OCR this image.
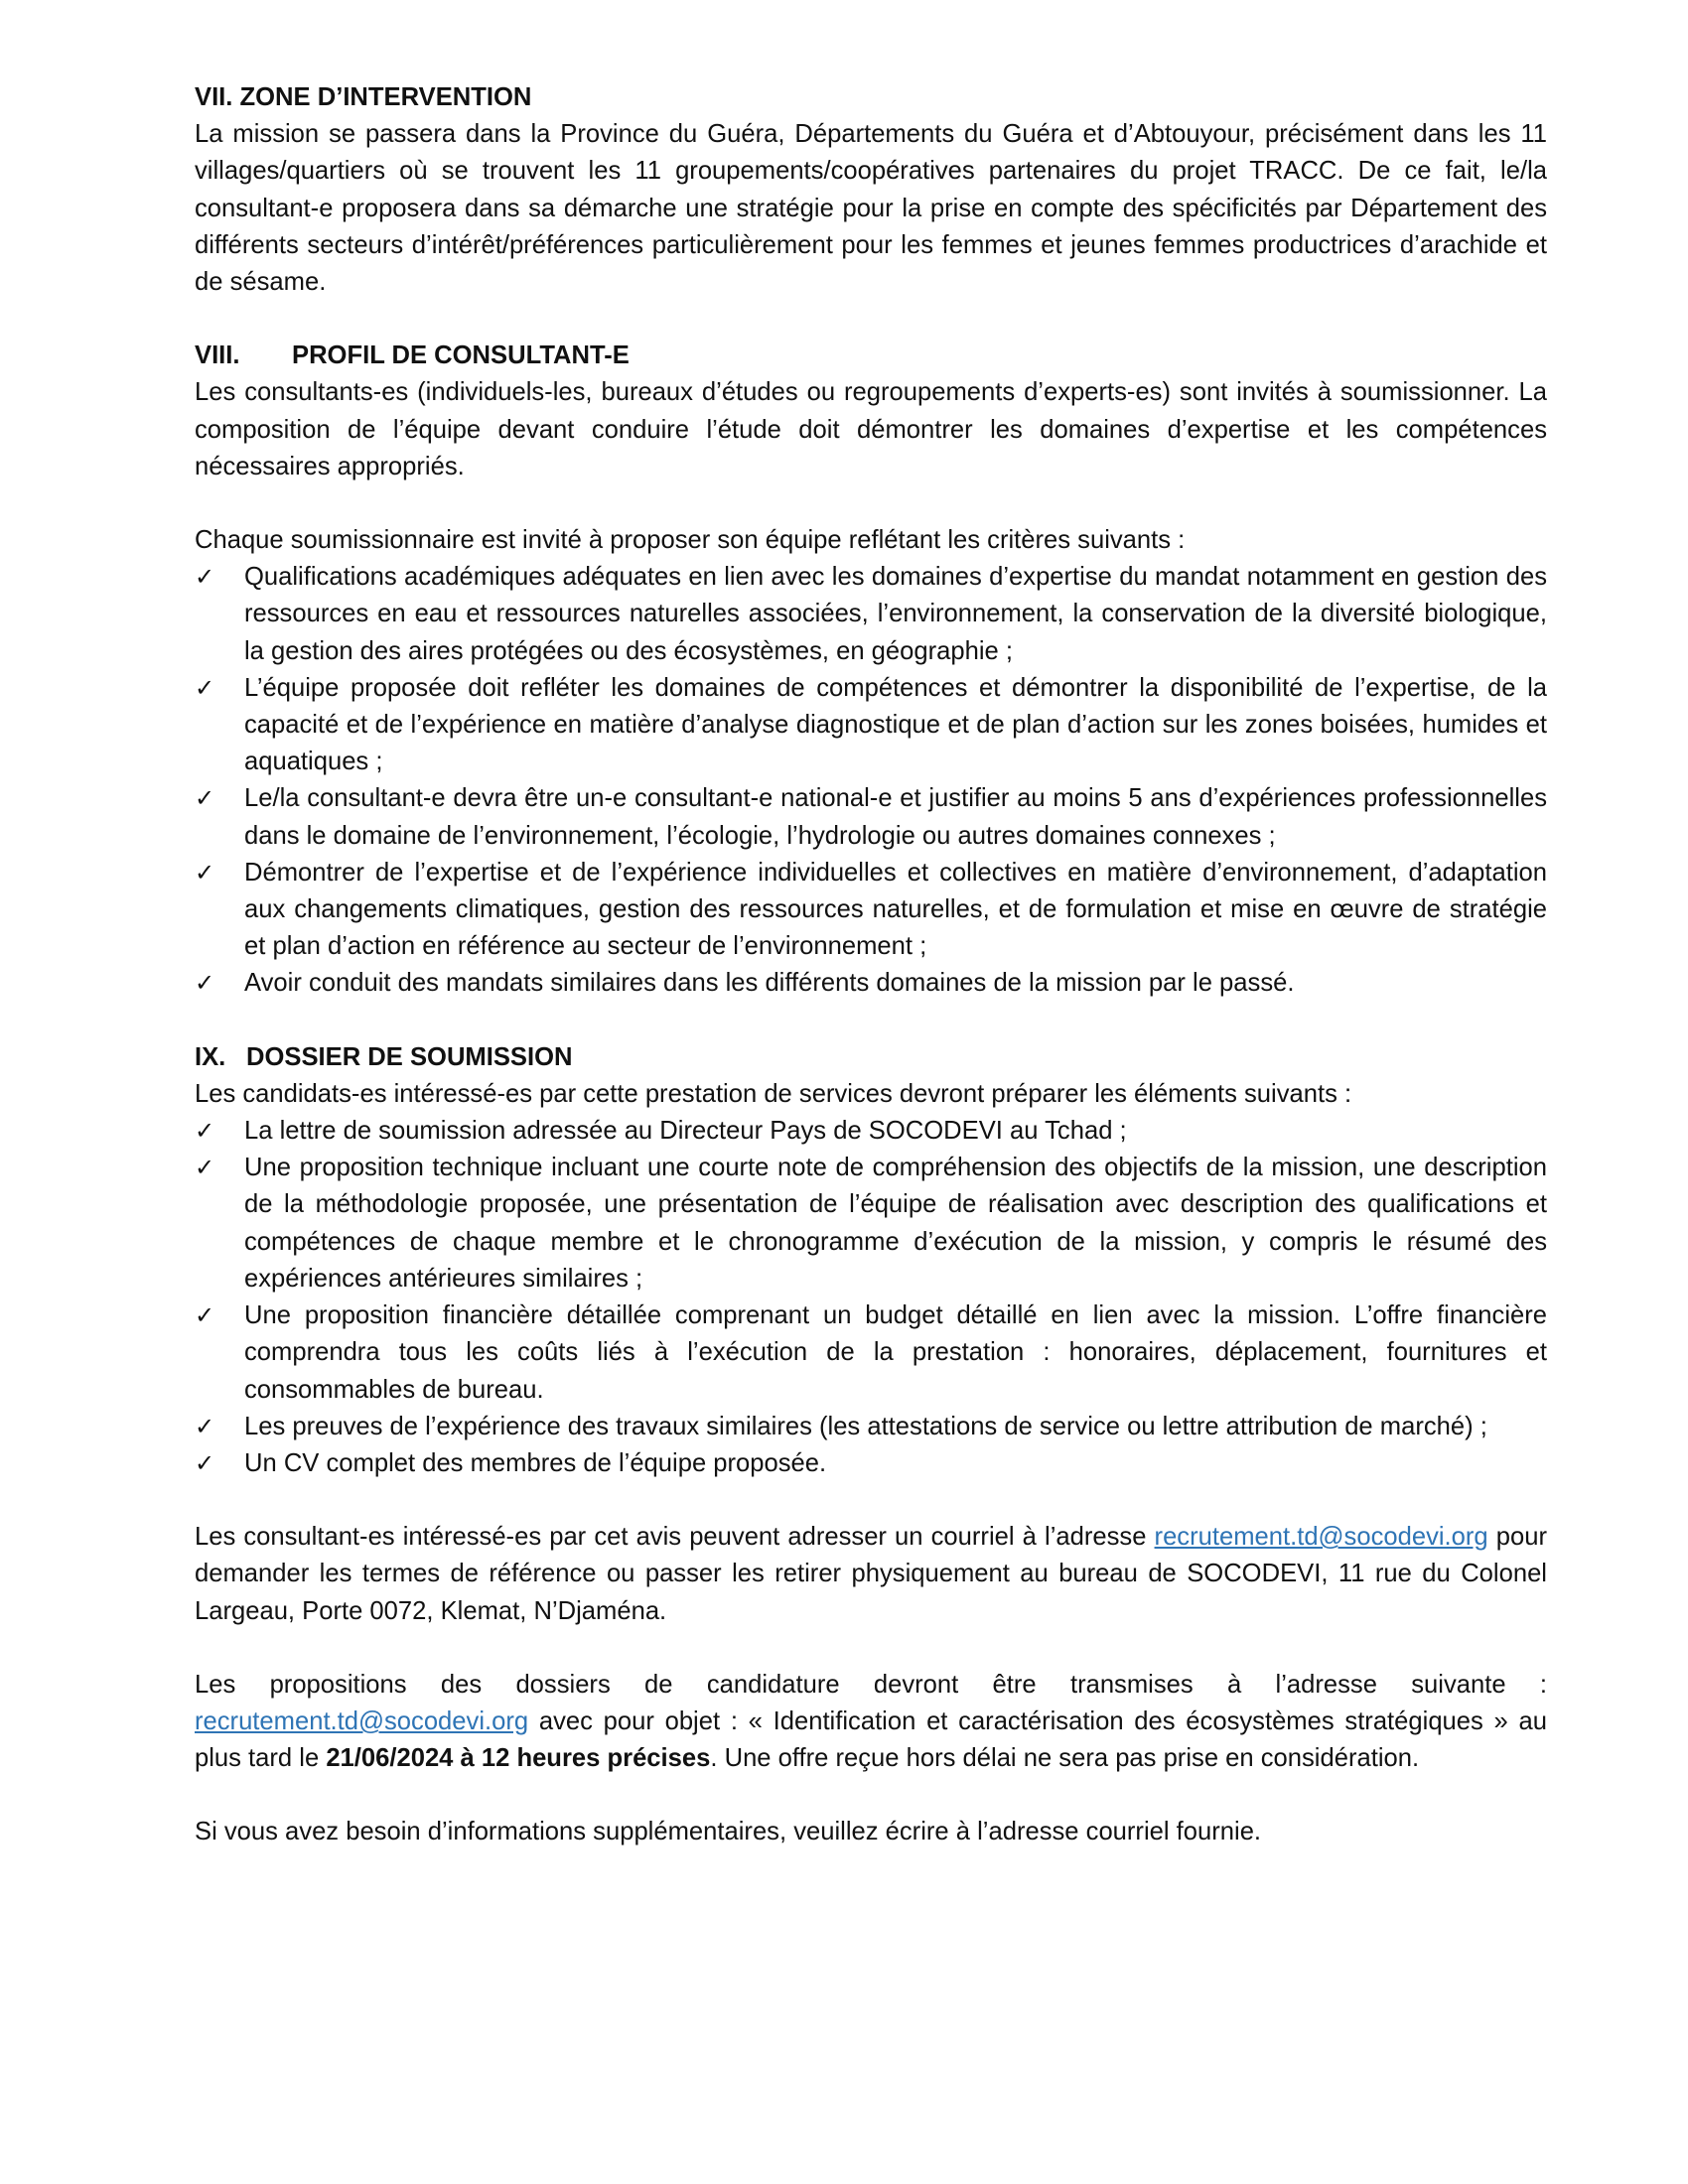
VII. ZONE D’INTERVENTION

La mission se passera dans la Province du Guéra, Départements du Guéra et d’Abtouyour, précisément dans les 11 villages/quartiers où se trouvent les 11 groupements/coopératives partenaires du projet TRACC. De ce fait, le/la consultant-e proposera dans sa démarche une stratégie pour la prise en compte des spécificités par Département des différents secteurs d’intérêt/préférences particulièrement pour les femmes et jeunes femmes productrices d’arachide et de sésame.

VIII. PROFIL DE CONSULTANT-E

Les consultants-es (individuels-les, bureaux d’études ou regroupements d’experts-es) sont invités à soumissionner. La composition de l’équipe devant conduire l’étude doit démontrer les domaines d’expertise et les compétences nécessaires appropriés.

Chaque soumissionnaire est invité à proposer son équipe reflétant les critères suivants :

✓ Qualifications académiques adéquates en lien avec les domaines d’expertise du mandat notamment en gestion des ressources en eau et ressources naturelles associées, l’environnement, la conservation de la diversité biologique, la gestion des aires protégées ou des écosystèmes, en géographie ;
✓ L’équipe proposée doit refléter les domaines de compétences et démontrer la disponibilité de l’expertise, de la capacité et de l’expérience en matière d’analyse diagnostique et de plan d’action sur les zones boisées, humides et aquatiques ;
✓ Le/la consultant-e devra être un-e consultant-e national-e et justifier au moins 5 ans d’expériences professionnelles dans le domaine de l’environnement, l’écologie, l’hydrologie ou autres domaines connexes ;
✓ Démontrer de l’expertise et de l’expérience individuelles et collectives en matière d’environnement, d’adaptation aux changements climatiques, gestion des ressources naturelles, et de formulation et mise en œuvre de stratégie et plan d’action en référence au secteur de l’environnement ;
✓ Avoir conduit des mandats similaires dans les différents domaines de la mission par le passé.

IX. DOSSIER DE SOUMISSION

Les candidats-es intéressé-es par cette prestation de services devront préparer les éléments suivants :

✓ La lettre de soumission adressée au Directeur Pays de SOCODEVI au Tchad ;
✓ Une proposition technique incluant une courte note de compréhension des objectifs de la mission, une description de la méthodologie proposée, une présentation de l’équipe de réalisation avec description des qualifications et compétences de chaque membre et le chronogramme d’exécution de la mission, y compris le résumé des expériences antérieures similaires ;
✓ Une proposition financière détaillée comprenant un budget détaillé en lien avec la mission. L’offre financière comprendra tous les coûts liés à l’exécution de la prestation : honoraires, déplacement, fournitures et consommables de bureau.
✓ Les preuves de l’expérience des travaux similaires (les attestations de service ou lettre attribution de marché) ;
✓ Un CV complet des membres de l’équipe proposée.

Les consultant-es intéressé-es par cet avis peuvent adresser un courriel à l’adresse recrutement.td@socodevi.org pour demander les termes de référence ou passer les retirer physiquement au bureau de SOCODEVI, 11 rue du Colonel Largeau, Porte 0072, Klemat, N’Djaména.

Les propositions des dossiers de candidature devront être transmises à l’adresse suivante : recrutement.td@socodevi.org avec pour objet : « Identification et caractérisation des écosystèmes stratégiques » au plus tard le 21/06/2024 à 12 heures précises. Une offre reçue hors délai ne sera pas prise en considération.

Si vous avez besoin d’informations supplémentaires, veuillez écrire à l’adresse courriel fournie.
